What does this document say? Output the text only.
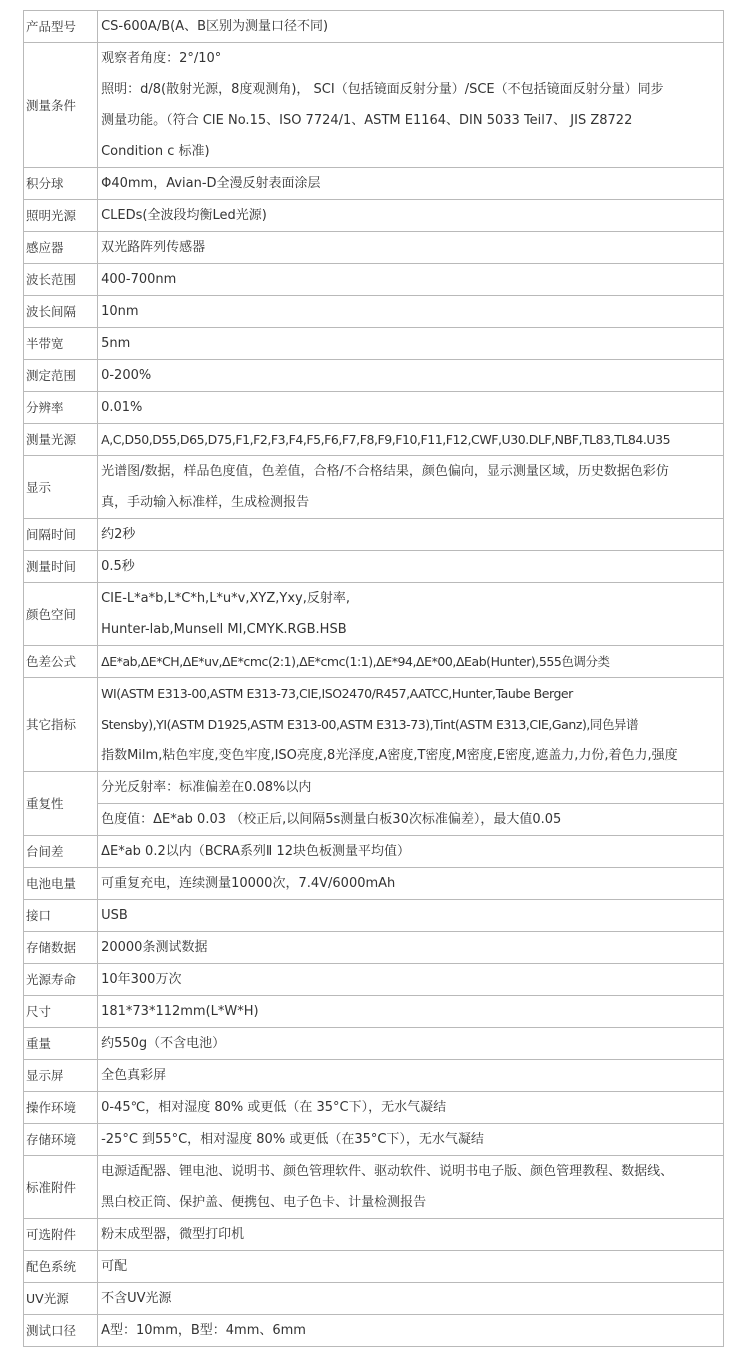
产品型号	CS-600A/B(A、B区别为测量口径不同)

测量条件	观察者角度：2°/10°
照明：d/8(散射光源，8度观测角)， SCI（包括镜面反射分量）/SCE（不包括镜面反射分量）同步
测量功能。（符合 CIE No.15、ISO 7724/1、ASTM E1164、DIN 5033 Teil7、 JIS Z8722
Condition c 标准)

积分球	Φ40mm，Avian-D全漫反射表面涂层

照明光源	CLEDs(全波段均衡Led光源)

感应器	双光路阵列传感器

波长范围	400-700nm

波长间隔	10nm

半带宽	5nm

测定范围	0-200%

分辨率	0.01%

测量光源	A,C,D50,D55,D65,D75,F1,F2,F3,F4,F5,F6,F7,F8,F9,F10,F11,F12,CWF,U30.DLF,NBF,TL83,TL84.U35

显示	光谱图/数据，样品色度值，色差值，合格/不合格结果，颜色偏向，显示测量区域，历史数据色彩仿
真，手动输入标准样，生成检测报告

间隔时间	约2秒

测量时间	0.5秒

颜色空间	CIE-L*a*b,L*C*h,L*u*v,XYZ,Yxy,反射率,
Hunter-lab,Munsell MI,CMYK.RGB.HSB

色差公式	ΔE*ab,ΔE*CH,ΔE*uv,ΔE*cmc(2:1),ΔE*cmc(1:1),ΔE*94,ΔE*00,ΔEab(Hunter),555色调分类

其它指标	WI(ASTM E313-00,ASTM E313-73,CIE,ISO2470/R457,AATCC,Hunter,Taube Berger
Stensby),YI(ASTM D1925,ASTM E313-00,ASTM E313-73),Tint(ASTM E313,CIE,Ganz),同色异谱
指数Milm,粘色牢度,变色牢度,ISO亮度,8光泽度,A密度,T密度,M密度,E密度,遮盖力,力份,着色力,强度

重复性	分光反射率：标准偏差在0.08%以内

	色度值：ΔE*ab 0.03 （校正后,以间隔5s测量白板30次标准偏差），最大值0.05

台间差	ΔE*ab 0.2以内（BCRA系列Ⅱ 12块色板测量平均值）

电池电量	可重复充电，连续测量10000次，7.4V/6000mAh

接口	USB

存储数据	20000条测试数据

光源寿命	10年300万次

尺寸	181*73*112mm(L*W*H)

重量	约550g（不含电池）

显示屏	全色真彩屏

操作环境	0-45℃，相对湿度 80% 或更低（在 35°C下），无水气凝结

存储环境	-25°C 到55°C，相对湿度 80% 或更低（在35°C下），无水气凝结

标准附件	电源适配器、锂电池、说明书、颜色管理软件、驱动软件、说明书电子版、颜色管理教程、数据线、
黑白校正筒、保护盖、便携包、电子色卡、计量检测报告

可选附件	粉末成型器，微型打印机

配色系统	可配

UV光源	不含UV光源

测试口径	A型：10mm，B型：4mm、6mm
